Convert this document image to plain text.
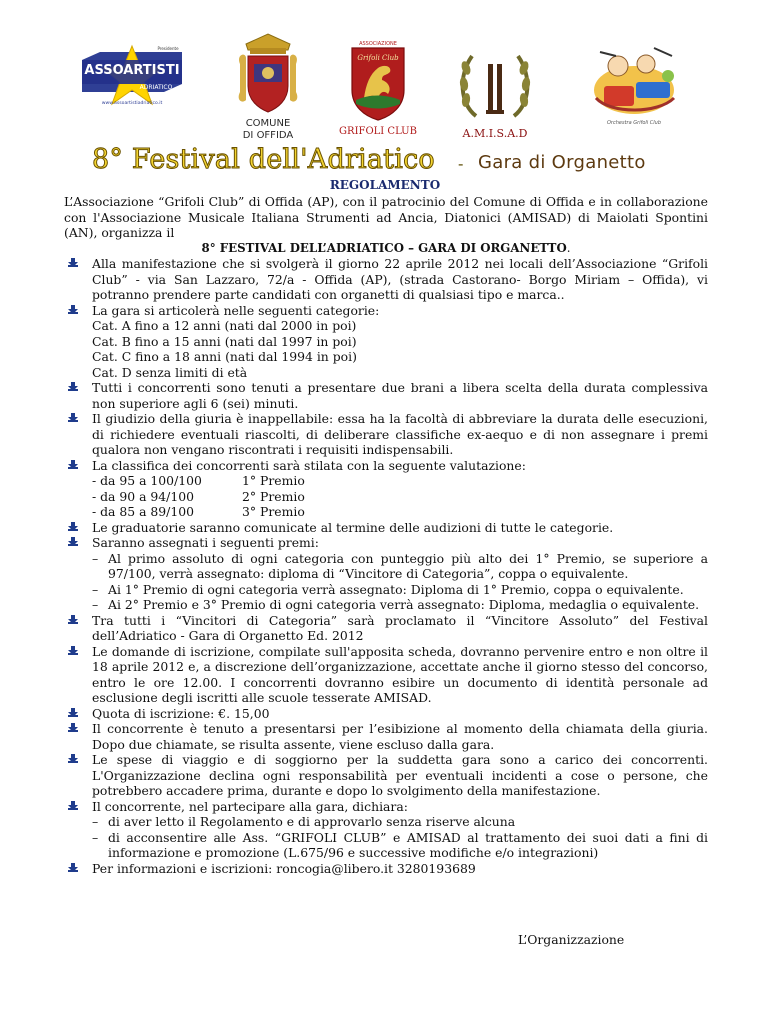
ASSOARTISTI
ADRIATICO
Presidente
www.assoartistiadriatico.it
COMUNE
DI OFFIDA
ASSOCIAZIONE
Grifoli Club
GRIFOLI CLUB	A.M.I.S.A.D
Orchestra Grifoli Club
8° Festival dell'Adriatico - Gara di Organetto
REGOLAMENTO
L’Associazione “Grifoli Club” di Offida (AP), con il patrocinio del Comune di Offida e in collaborazione con l'Associazione Musicale Italiana Strumenti ad Ancia, Diatonici (AMISAD) di Maiolati Spontini (AN), organizza il
8° FESTIVAL DELL’ADRIATICO – GARA DI ORGANETTO.
Alla manifestazione che si svolgerà il giorno 22 aprile 2012 nei locali dell’Associazione “Grifoli Club” - via San Lazzaro, 72/a - Offida (AP), (strada Castorano- Borgo Miriam – Offida), vi potranno prendere parte candidati con organetti di qualsiasi tipo e marca..
La gara si articolerà nelle seguenti categorie:
Cat. A fino a 12 anni (nati dal 2000 in poi)
Cat. B fino a 15 anni (nati dal 1997 in poi)
Cat. C fino a 18 anni (nati dal 1994 in poi)
Cat. D senza limiti di età
Tutti i concorrenti sono tenuti a presentare due brani a libera scelta della durata complessiva non superiore agli 6 (sei) minuti.
Il giudizio della giuria è inappellabile: essa ha la facoltà di abbreviare la durata delle esecuzioni, di richiedere eventuali riascolti, di deliberare classifiche ex-aequo e di non assegnare i premi qualora non vengano riscontrati i requisiti indispensabili.
La classifica dei concorrenti sarà stilata con la seguente valutazione:
- da 95 a 100/100	1° Premio
- da 90 a 94/100	2° Premio
- da 85 a 89/100	3° Premio
Le graduatorie saranno comunicate al termine delle audizioni di tutte le categorie.
Saranno assegnati i seguenti premi:
– Al primo assoluto di ogni categoria con punteggio più alto dei 1° Premio, se superiore a 97/100, verrà assegnato: diploma di “Vincitore di Categoria”, coppa o equivalente.
– Ai 1° Premio di ogni categoria verrà assegnato: Diploma di 1° Premio, coppa o equivalente.
– Ai 2° Premio e 3° Premio di ogni categoria verrà assegnato: Diploma, medaglia o equivalente.
Tra tutti i “Vincitori di Categoria” sarà proclamato il “Vincitore Assoluto” del Festival dell’Adriatico - Gara di Organetto Ed. 2012
Le domande di iscrizione, compilate sull'apposita scheda, dovranno pervenire entro e non oltre il 18 aprile 2012 e, a discrezione dell’organizzazione, accettate anche il giorno stesso del concorso, entro le ore 12.00. I concorrenti dovranno esibire un documento di identità personale ad esclusione degli iscritti alle scuole tesserate AMISAD.
Quota di iscrizione: €. 15,00
Il concorrente è tenuto a presentarsi per l’esibizione al momento della chiamata della giuria. Dopo due chiamate, se risulta assente, viene escluso dalla gara.
Le spese di viaggio e di soggiorno per la suddetta gara sono a carico dei concorrenti. L'Organizzazione declina ogni responsabilità per eventuali incidenti a cose o persone, che potrebbero accadere prima, durante e dopo lo svolgimento della manifestazione.
Il concorrente, nel partecipare alla gara, dichiara:
– di aver letto il Regolamento e di approvarlo senza riserve alcuna
– di acconsentire alle Ass. “GRIFOLI CLUB” e AMISAD al trattamento dei suoi dati a fini di informazione e promozione (L.675/96 e successive modifiche e/o integrazioni)
Per informazioni e iscrizioni: roncogia@libero.it 3280193689
L’Organizzazione
